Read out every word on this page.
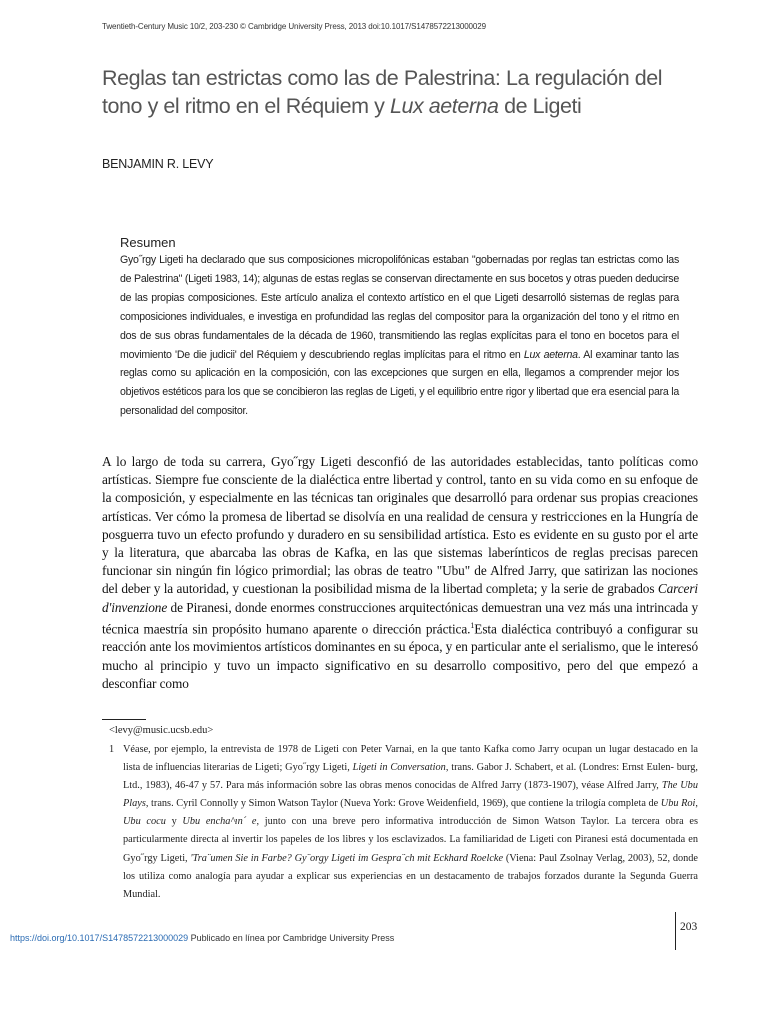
Twentieth-Century Music 10/2, 203-230 © Cambridge University Press, 2013 doi:10.1017/S1478572213000029
Reglas tan estrictas como las de Palestrina: La regulación del tono y el ritmo en el Réquiem y Lux aeterna de Ligeti
BENJAMIN R. LEVY
Resumen

Gyo˝rgy Ligeti ha declarado que sus composiciones micropolifónicas estaban "gobernadas por reglas tan estrictas como las de Palestrina" (Ligeti 1983, 14); algunas de estas reglas se conservan directamente en sus bocetos y otras pueden deducirse de las propias composiciones. Este artículo analiza el contexto artístico en el que Ligeti desarrolló sistemas de reglas para composiciones individuales, e investiga en profundidad las reglas del compositor para la organización del tono y el ritmo en dos de sus obras fundamentales de la década de 1960, transmitiendo las reglas explícitas para el tono en bocetos para el movimiento 'De die judicii' del Réquiem y descubriendo reglas implícitas para el ritmo en Lux aeterna. Al examinar tanto las reglas como su aplicación en la composición, con las excepciones que surgen en ella, llegamos a comprender mejor los objetivos estéticos para los que se concibieron las reglas de Ligeti, y el equilibrio entre rigor y libertad que era esencial para la personalidad del compositor.

A lo largo de toda su carrera, Gyo˝rgy Ligeti desconfió de las autoridades establecidas, tanto políticas como artísticas. Siempre fue consciente de la dialéctica entre libertad y control, tanto en su vida como en su enfoque de la composición, y especialmente en las técnicas tan originales que desarrolló para ordenar sus propias creaciones artísticas. Ver cómo la promesa de libertad se disolvía en una realidad de censura y restricciones en la Hungría de posguerra tuvo un efecto profundo y duradero en su sensibilidad artística. Esto es evidente en su gusto por el arte y la literatura, que abarcaba las obras de Kafka, en las que sistemas laberínticos de reglas precisas parecen funcionar sin ningún fin lógico primordial; las obras de teatro "Ubu" de Alfred Jarry, que satirizan las nociones del deber y la autoridad, y cuestionan la posibilidad misma de la libertad completa; y la serie de grabados Carceri d'invenzione de Piranesi, donde enormes construcciones arquitectónicas demuestran una vez más una intrincada y técnica maestría sin propósito humano aparente o dirección práctica.$^1$Esta dialéctica contribuyó a configurar su reacción ante los movimientos artísticos dominantes en su época, y en particular ante el serialismo, que le interesó mucho al principio y tuvo un impacto significativo en su desarrollo compositivo, pero del que empezó a desconfiar como

<levy@music.ucsb.edu>

1 Véase, por ejemplo, la entrevista de 1978 de Ligeti con Peter Varnai, en la que tanto Kafka como Jarry ocupan un lugar destacado en la lista de influencias literarias de Ligeti; Gyo˝rgy Ligeti, Ligeti in Conversation, trans. Gabor J. Schabert, et al. (Londres: Ernst Eulen- burg, Ltd., 1983), 46-47 y 57. Para más información sobre las obras menos conocidas de Alfred Jarry (1873-1907), véase Alfred Jarry, The Ubu Plays, trans. Cyril Connolly y Simon Watson Taylor (Nueva York: Grove Weidenfield, 1969), que contiene la trilogía completa de Ubu Roi, Ubu cocu y Ubu encha^ın´ e, junto con una breve pero informativa introducción de Simon Watson Taylor. La tercera obra es particularmente directa al invertir los papeles de los libres y los esclavizados. La familiaridad de Ligeti con Piranesi está documentada en Gyo˝rgy Ligeti, 'Tra¨umen Sie in Farbe? Gy¨orgy Ligeti im Gespra¨ch mit Eckhard Roelcke (Viena: Paul Zsolnay Verlag, 2003), 52, donde los utiliza como analogía para ayudar a explicar sus experiencias en un destacamento de trabajos forzados durante la Segunda Guerra Mundial.

203
https://doi.org/10.1017/S1478572213000029 Publicado en línea por Cambridge University Press
